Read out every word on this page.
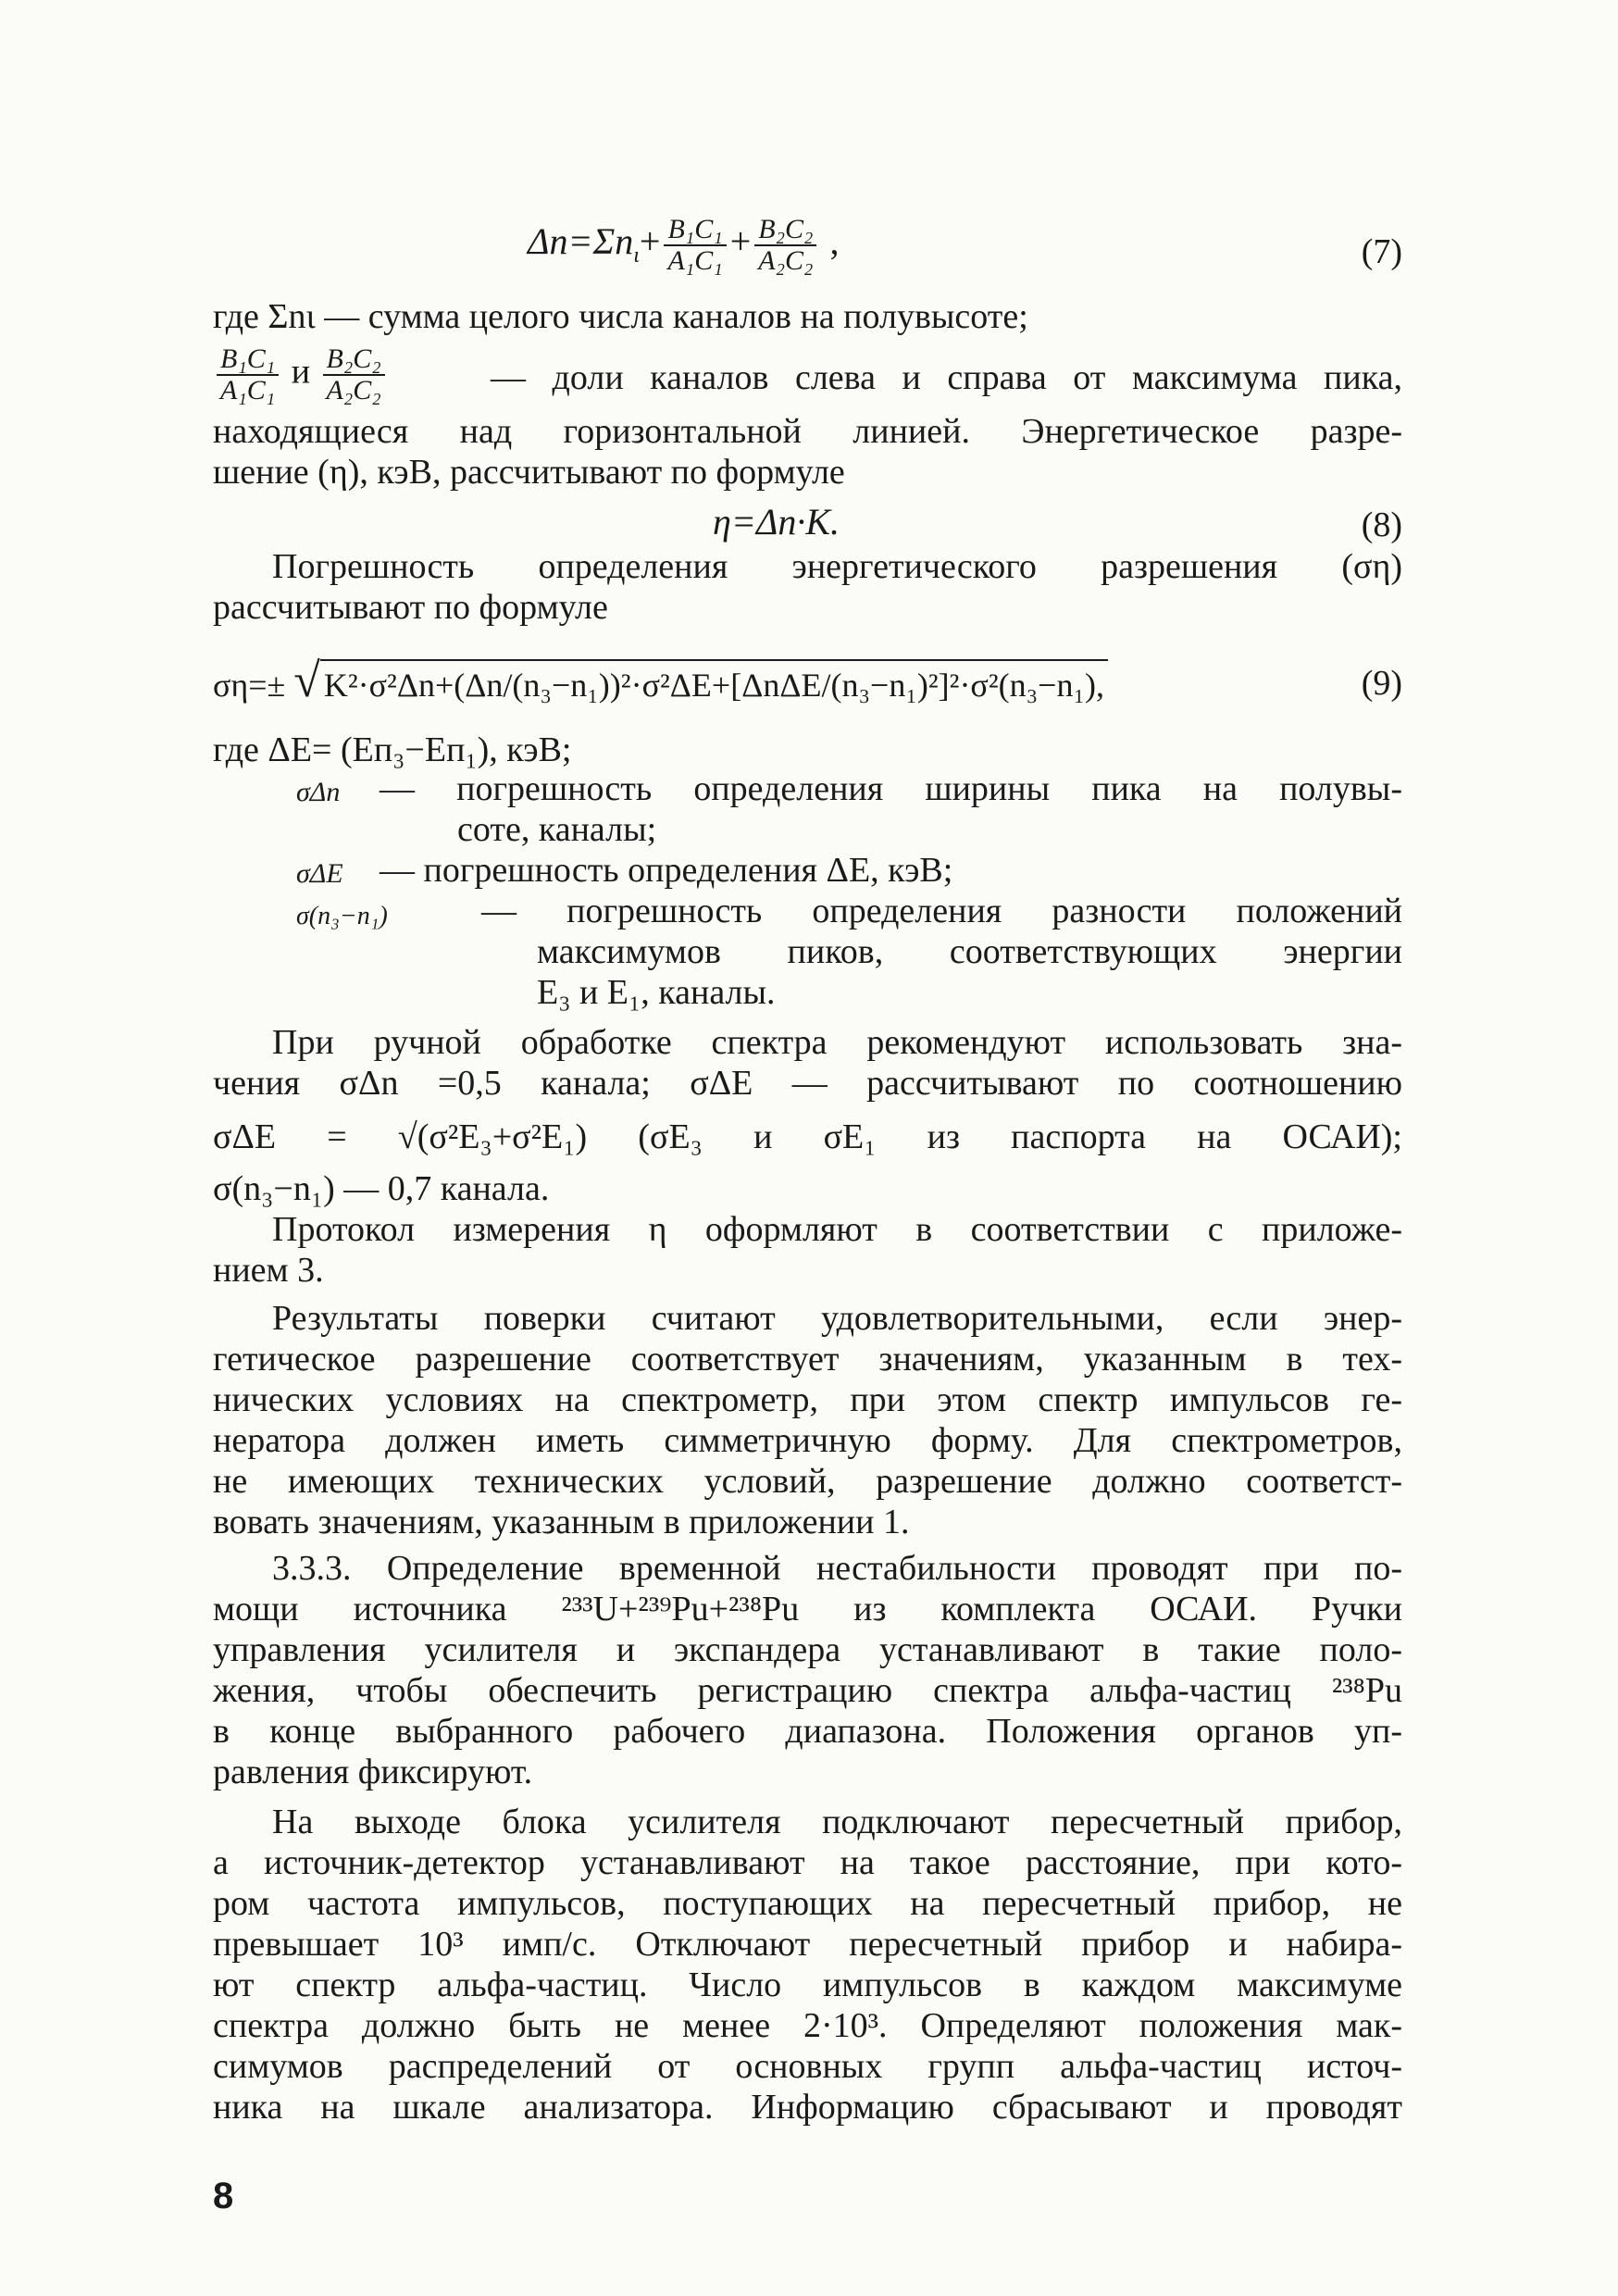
$\Delta n=\Sigma n_\iota+ \frac{\text{B₁C₁}}{\text{A₁C₁}} + \frac{\text{B₂C₂}}{\text{A₂C₂}}$ ,	(7)
где Σnι — сумма целого числа каналов на полувысоте;
$\frac{\text{B₁C₁}}{\text{A₁C₁}}$ и $\frac{\text{B₂C₂}}{\text{A₂C₂}}$	— доли каналов слева и справа от максимума пика,
находящиеся над горизонтальной линией. Энергетическое разре-
шение (η), кэВ, рассчитывают по формуле
η=Δn·K.	(8)
Погрешность определения энергетического разрешения (ση)
рассчитывают по формуле
ση=± √ K²·σ²Δn+(Δn/(n₃−n₁))²·σ²ΔE+[ΔnΔE/(n₃−n₁)²]²·σ²(n₃−n₁),	(9)
где ΔE= (Eп₃−Eп₁), кэВ;
σΔn — погрешность определения ширины пика на полувы-
соте, каналы;
σΔE — погрешность определения ΔE, кэВ;
σ(n₃−n₁)	— погрешность определения разности положений
максимумов пиков, соответствующих энергии
E₃ и E₁, каналы.
При ручной обработке спектра рекомендуют использовать зна-
чения σΔn =0,5 канала; σΔE — рассчитывают по соотношению
σΔE = √(σ²E₃+σ²E₁) (σE₃ и σE₁ из паспорта на ОСАИ);
σ(n₃−n₁) — 0,7 канала.
Протокол измерения η оформляют в соответствии с приложе-
нием 3.
Результаты поверки считают удовлетворительными, если энер-
гетическое разрешение соответствует значениям, указанным в тех-
нических условиях на спектрометр, при этом спектр импульсов ге-
нератора должен иметь симметричную форму. Для спектрометров,
не имеющих технических условий, разрешение должно соответст-
вовать значениям, указанным в приложении 1.
3.3.3. Определение временной нестабильности проводят при по-
мощи источника ²³³U+²³⁹Pu+²³⁸Pu из комплекта ОСАИ. Ручки
управления усилителя и экспандера устанавливают в такие поло-
жения, чтобы обеспечить регистрацию спектра альфа-частиц ²³⁸Pu
в конце выбранного рабочего диапазона. Положения органов уп-
равления фиксируют.
На выходе блока усилителя подключают пересчетный прибор,
а источник-детектор устанавливают на такое расстояние, при кото-
ром частота импульсов, поступающих на пересчетный прибор, не
превышает 10³ имп/с. Отключают пересчетный прибор и набира-
ют спектр альфа-частиц. Число импульсов в каждом максимуме
спектра должно быть не менее 2·10³. Определяют положения мак-
симумов распределений от основных групп альфа-частиц источ-
ника на шкале анализатора. Информацию сбрасывают и проводят
8
